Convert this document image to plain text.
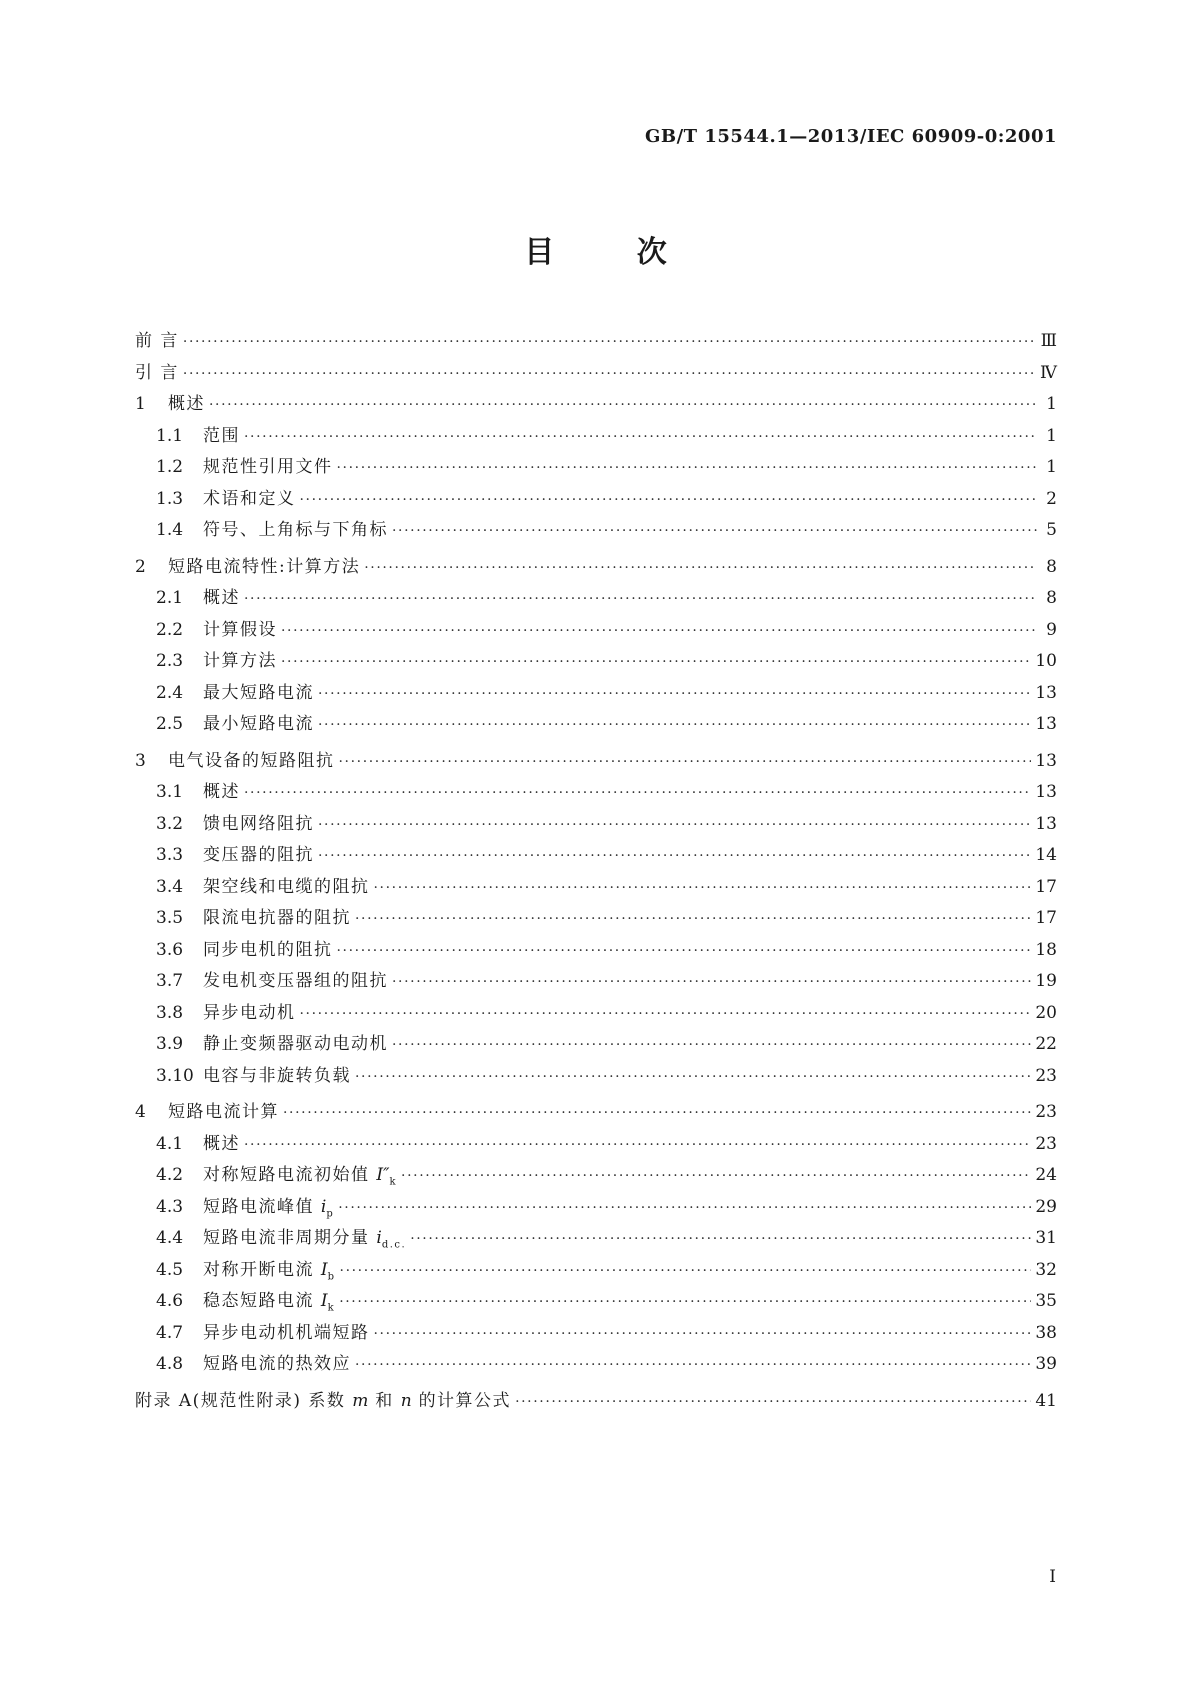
GB/T 15544.1—2013/IEC 60909-0:2001
目	次
前 言 ·····	Ⅲ
引 言 ·····	Ⅳ
1	概述 ·····	1
1.1	范围 ·····	1
1.2	规范性引用文件 ·····	1
1.3	术语和定义 ·····	2
1.4	符号、上角标与下角标 ·····	5
2	短路电流特性:计算方法 ·····	8
2.1	概述 ·····	8
2.2	计算假设 ·····	9
2.3	计算方法 ·····	10
2.4	最大短路电流 ·····	13
2.5	最小短路电流 ·····	13
3	电气设备的短路阻抗 ·····	13
3.1	概述 ·····	13
3.2	馈电网络阻抗 ·····	13
3.3	变压器的阻抗 ·····	14
3.4	架空线和电缆的阻抗 ·····	17
3.5	限流电抗器的阻抗 ·····	17
3.6	同步电机的阻抗 ·····	18
3.7	发电机变压器组的阻抗 ·····	19
3.8	异步电动机 ·····	20
3.9	静止变频器驱动电动机 ·····	22
3.10 电容与非旋转负载 ·····	23
4	短路电流计算 ·····	23
4.1	概述 ·····	23
4.2	对称短路电流初始值 $I''_k$ ·····	24
4.3	短路电流峰值 $i_p$ ·····	29
4.4	短路电流非周期分量 $i_{d.c.}$ ·····	31
4.5	对称开断电流 $I_b$ ·····	32
4.6	稳态短路电流 $I_k$ ·····	35
4.7	异步电动机机端短路 ·····	38
4.8	短路电流的热效应 ·····	39
附录 A(规范性附录) 系数 m 和 n 的计算公式 ·····	41
I
